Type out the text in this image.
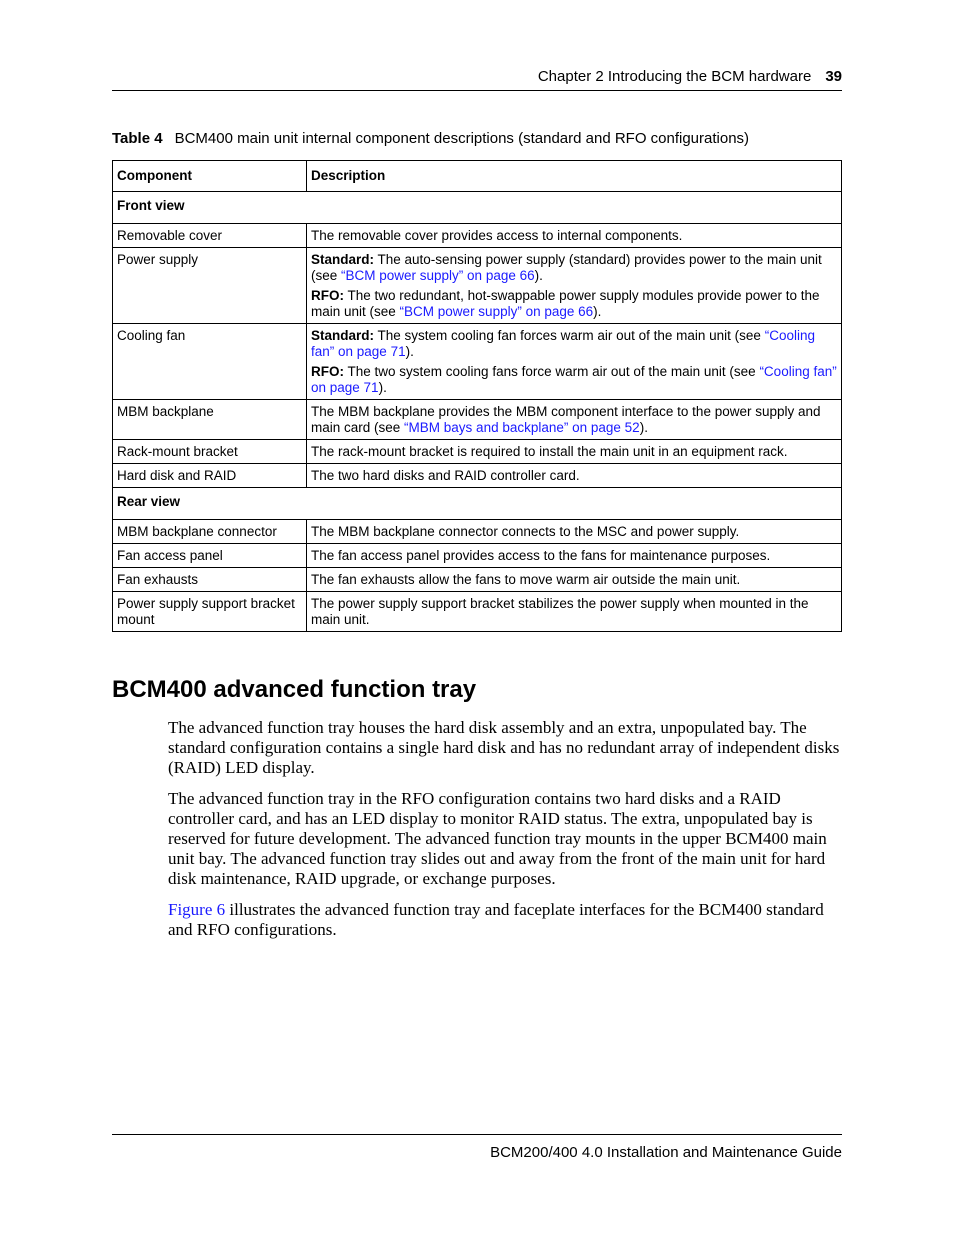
Chapter 2 Introducing the BCM hardware 39
Table 4 BCM400 main unit internal component descriptions (standard and RFO configurations)
Component	Description
Front view	
Removable cover	The removable cover provides access to internal components.
Power supply	Standard: The auto-sensing power supply (standard) provides power to the main unit (see “BCM power supply” on page 66).

RFO: The two redundant, hot-swappable power supply modules provide power to the main unit (see “BCM power supply” on page 66).

Cooling fan	Standard: The system cooling fan forces warm air out of the main unit (see “Cooling fan” on page 71).

RFO: The two system cooling fans force warm air out of the main unit (see “Cooling fan” on page 71).

MBM backplane	The MBM backplane provides the MBM component interface to the power supply and main card (see “MBM bays and backplane” on page 52).
Rack-mount bracket	The rack-mount bracket is required to install the main unit in an equipment rack.
Hard disk and RAID	The two hard disks and RAID controller card.
Rear view	
MBM backplane connector	The MBM backplane connector connects to the MSC and power supply.
Fan access panel	The fan access panel provides access to the fans for maintenance purposes.
Fan exhausts	The fan exhausts allow the fans to move warm air outside the main unit.
Power supply support bracket mount	The power supply support bracket stabilizes the power supply when mounted in the main unit.
BCM400 advanced function tray

The advanced function tray houses the hard disk assembly and an extra, unpopulated bay. The standard configuration contains a single hard disk and has no redundant array of independent disks (RAID) LED display.

The advanced function tray in the RFO configuration contains two hard disks and a RAID controller card, and has an LED display to monitor RAID status. The extra, unpopulated bay is reserved for future development. The advanced function tray mounts in the upper BCM400 main unit bay. The advanced function tray slides out and away from the front of the main unit for hard disk maintenance, RAID upgrade, or exchange purposes.

Figure 6 illustrates the advanced function tray and faceplate interfaces for the BCM400 standard and RFO configurations.

BCM200/400 4.0 Installation and Maintenance Guide
